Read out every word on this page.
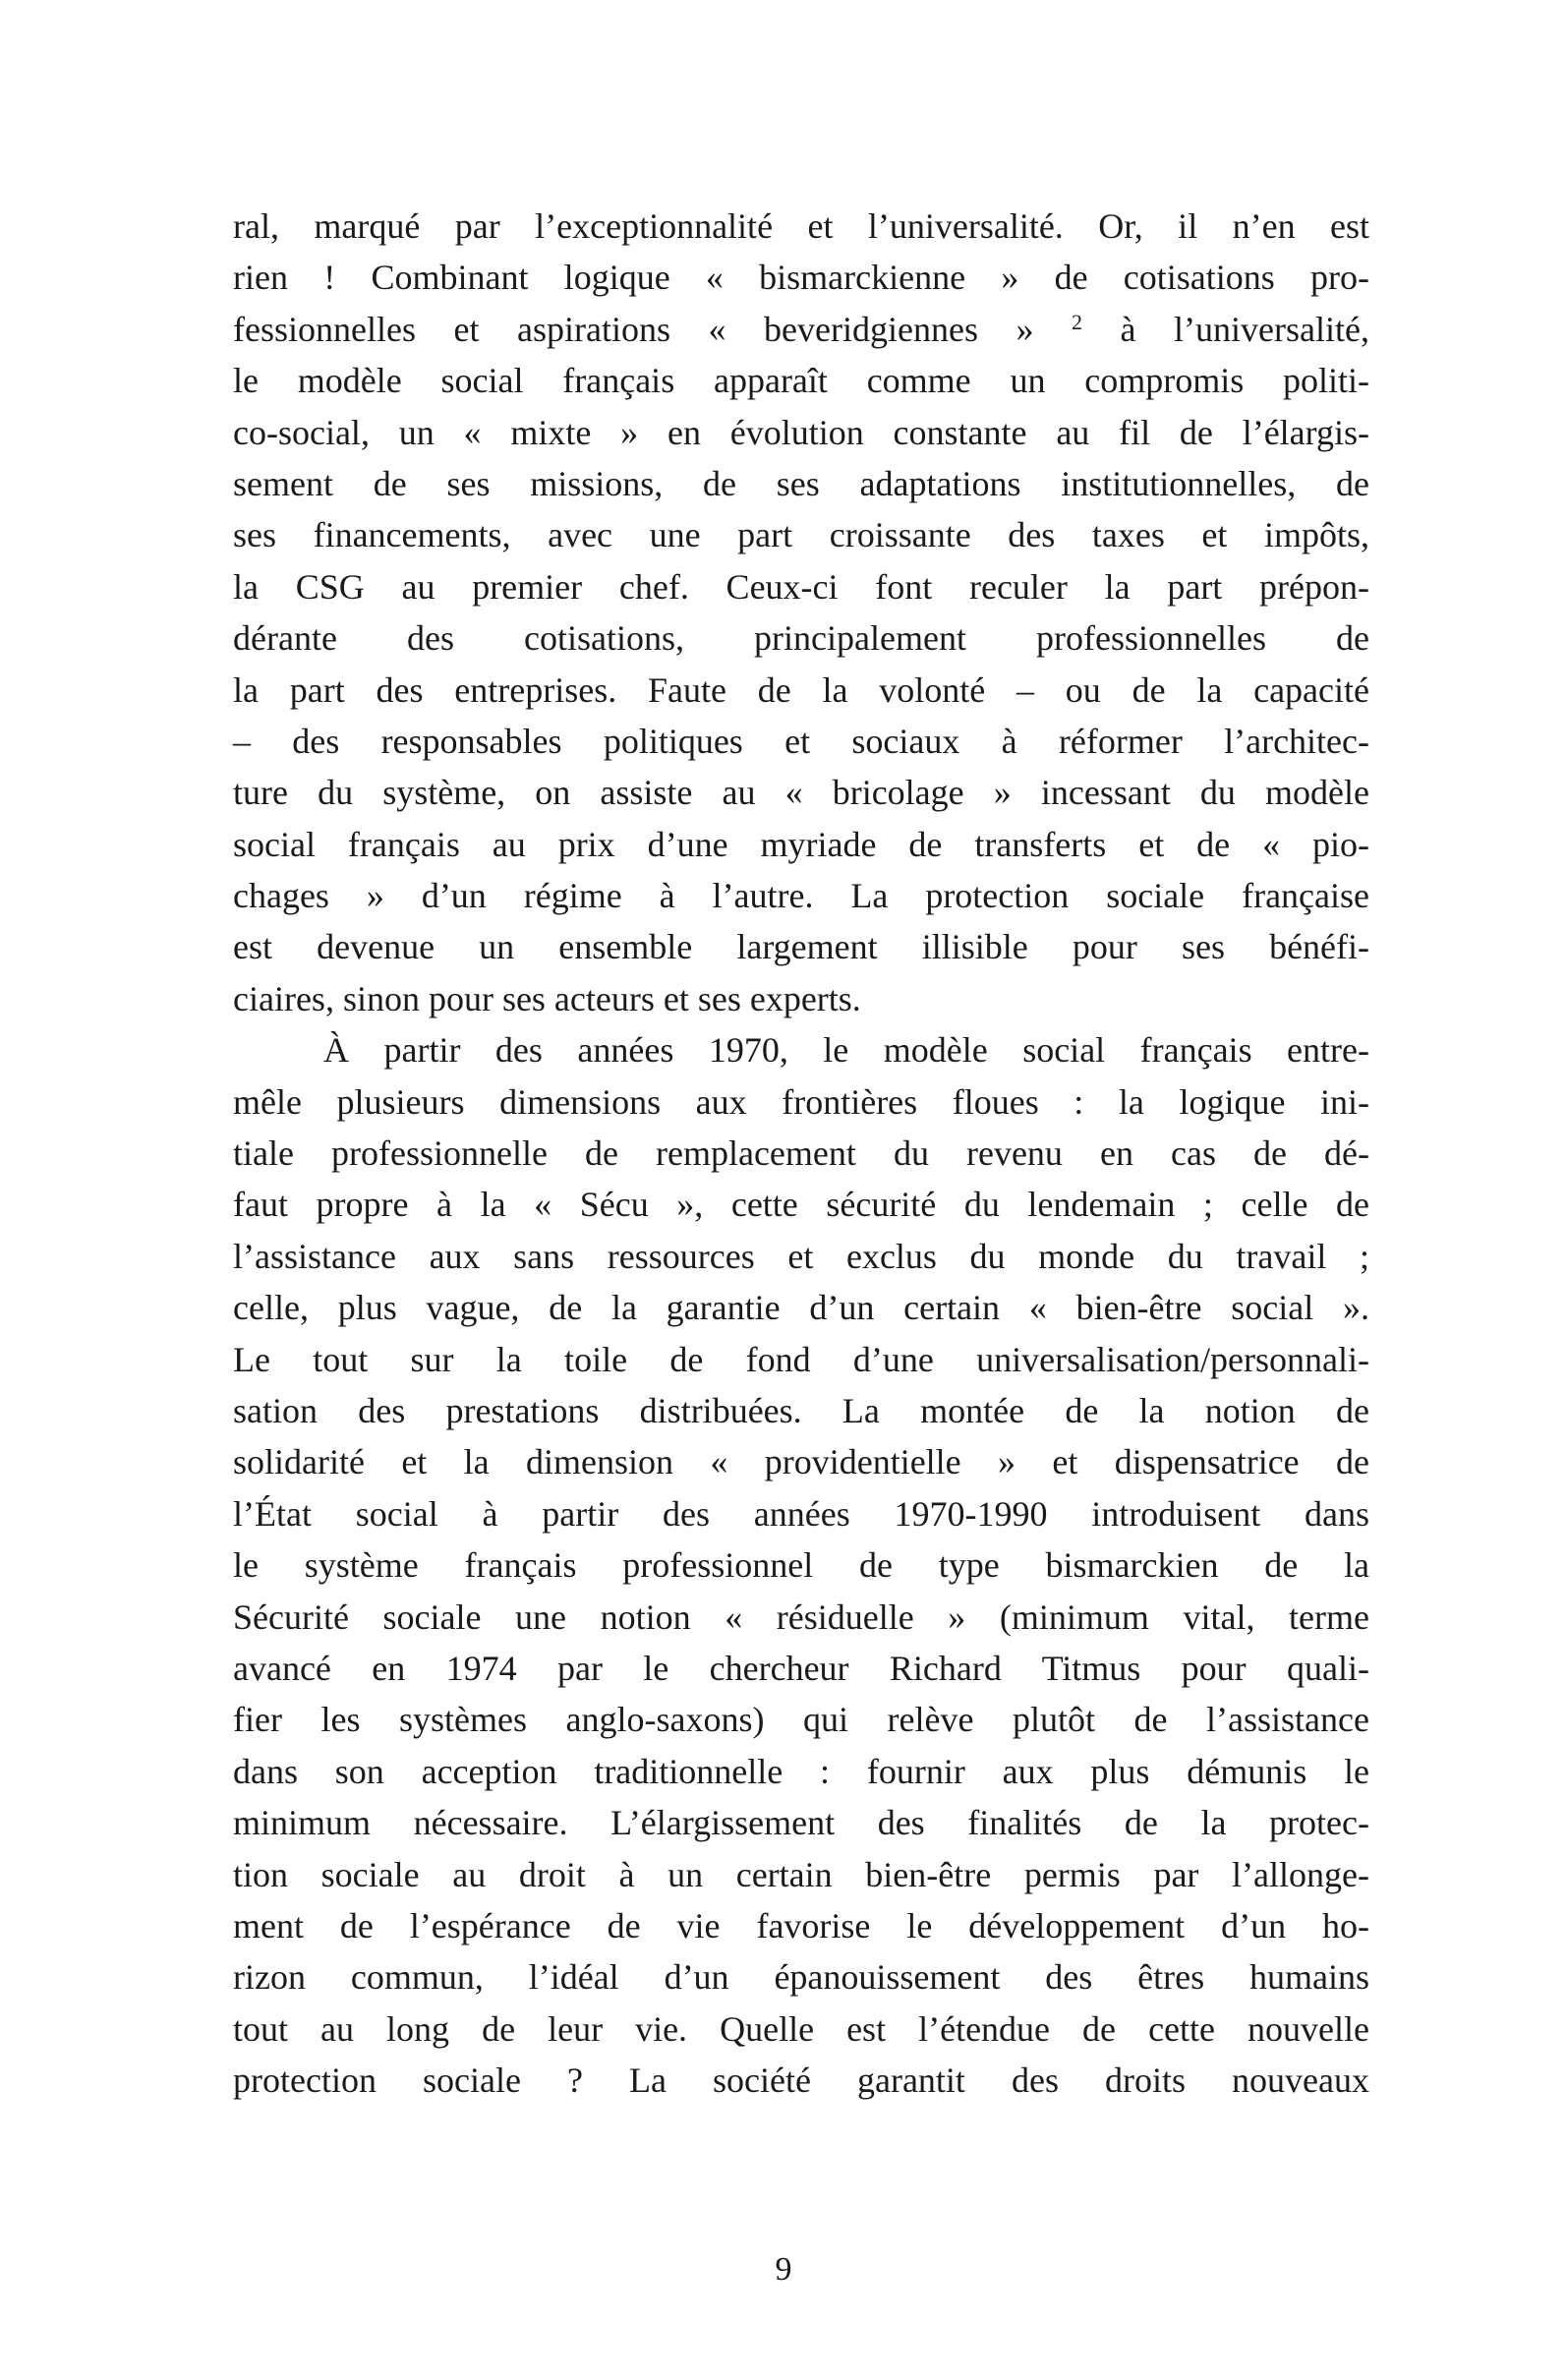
ral, marqué par l’exceptionnalité et l’universalité. Or, il n’en est
rien ! Combinant logique « bismarckienne » de cotisations pro-
fessionnelles et aspirations « beveridgiennes » $^2$ à l’universalité,
le modèle social français apparaît comme un compromis politi-
co-social, un « mixte » en évolution constante au fil de l’élargis-
sement de ses missions, de ses adaptations institutionnelles, de
ses financements, avec une part croissante des taxes et impôts,
la CSG au premier chef. Ceux-ci font reculer la part prépon-
dérante des cotisations, principalement professionnelles de
la part des entreprises. Faute de la volonté – ou de la capacité
– des responsables politiques et sociaux à réformer l’architec-
ture du système, on assiste au « bricolage » incessant du modèle
social français au prix d’une myriade de transferts et de « pio-
chages » d’un régime à l’autre. La protection sociale française
est devenue un ensemble largement illisible pour ses bénéfi-
ciaires, sinon pour ses acteurs et ses experts.
À partir des années 1970, le modèle social français entre-
mêle plusieurs dimensions aux frontières floues : la logique ini-
tiale professionnelle de remplacement du revenu en cas de dé-
faut propre à la « Sécu », cette sécurité du lendemain ; celle de
l’assistance aux sans ressources et exclus du monde du travail ;
celle, plus vague, de la garantie d’un certain « bien-être social ».
Le tout sur la toile de fond d’une universalisation/personnali-
sation des prestations distribuées. La montée de la notion de
solidarité et la dimension « providentielle » et dispensatrice de
l’État social à partir des années 1970-1990 introduisent dans
le système français professionnel de type bismarckien de la
Sécurité sociale une notion « résiduelle » (minimum vital, terme
avancé en 1974 par le chercheur Richard Titmus pour quali-
fier les systèmes anglo-saxons) qui relève plutôt de l’assistance
dans son acception traditionnelle : fournir aux plus démunis le
minimum nécessaire. L’élargissement des finalités de la protec-
tion sociale au droit à un certain bien-être permis par l’allonge-
ment de l’espérance de vie favorise le développement d’un ho-
rizon commun, l’idéal d’un épanouissement des êtres humains
tout au long de leur vie. Quelle est l’étendue de cette nouvelle
protection sociale ? La société garantit des droits nouveaux
9
